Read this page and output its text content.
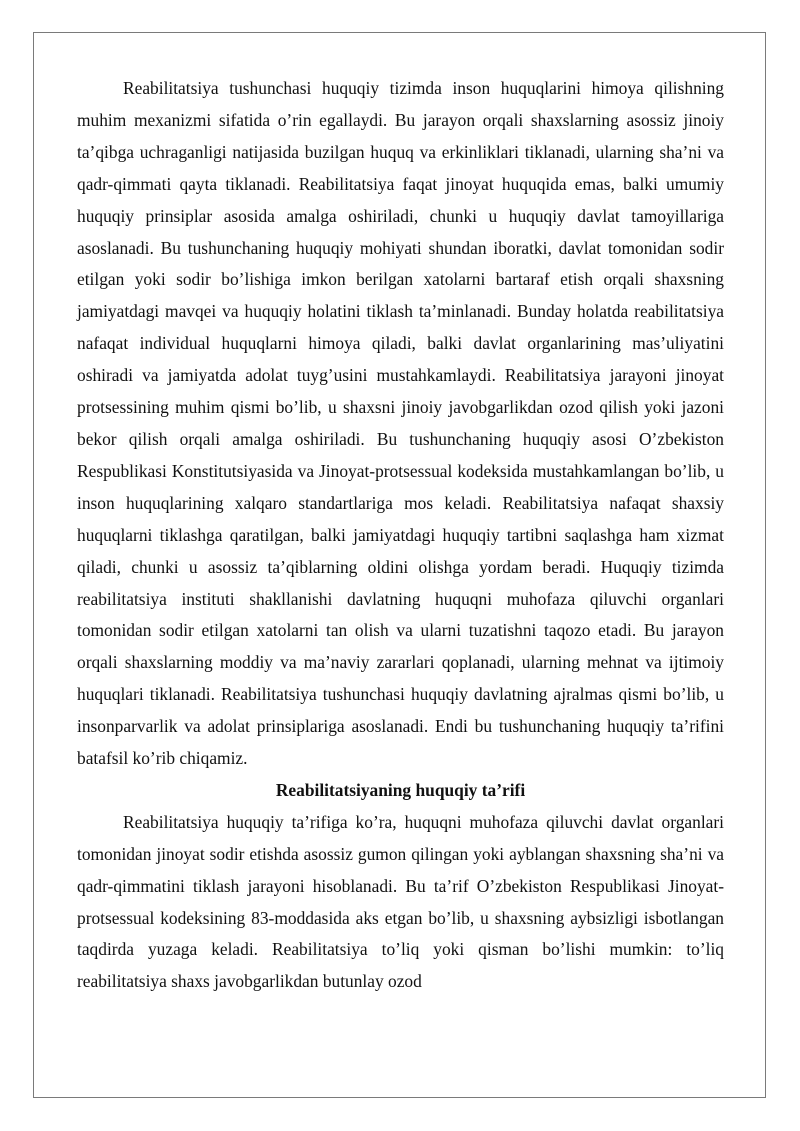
Reabilitatsiya tushunchasi huquqiy tizimda inson huquqlarini himoya qilishning muhim mexanizmi sifatida o’rin egallaydi. Bu jarayon orqali shaxslarning asossiz jinoiy ta’qibga uchraganligi natijasida buzilgan huquq va erkinliklari tiklanadi, ularning sha’ni va qadr-qimmati qayta tiklanadi. Reabilitatsiya faqat jinoyat huquqida emas, balki umumiy huquqiy prinsiplar asosida amalga oshiriladi, chunki u huquqiy davlat tamoyillariga asoslanadi. Bu tushunchaning huquqiy mohiyati shundan iboratki, davlat tomonidan sodir etilgan yoki sodir bo’lishiga imkon berilgan xatolarni bartaraf etish orqali shaxsning jamiyatdagi mavqei va huquqiy holatini tiklash ta’minlanadi. Bunday holatda reabilitatsiya nafaqat individual huquqlarni himoya qiladi, balki davlat organlarining mas’uliyatini oshiradi va jamiyatda adolat tuyg’usini mustahkamlaydi. Reabilitatsiya jarayoni jinoyat protsessining muhim qismi bo’lib, u shaxsni jinoiy javobgarlikdan ozod qilish yoki jazoni bekor qilish orqali amalga oshiriladi. Bu tushunchaning huquqiy asosi O’zbekiston Respublikasi Konstitutsiyasida va Jinoyat-protsessual kodeksida mustahkamlangan bo’lib, u inson huquqlarining xalqaro standartlariga mos keladi. Reabilitatsiya nafaqat shaxsiy huquqlarni tiklashga qaratilgan, balki jamiyatdagi huquqiy tartibni saqlashga ham xizmat qiladi, chunki u asossiz ta’qiblarning oldini olishga yordam beradi. Huquqiy tizimda reabilitatsiya instituti shakllanishi davlatning huquqni muhofaza qiluvchi organlari tomonidan sodir etilgan xatolarni tan olish va ularni tuzatishni taqozo etadi. Bu jarayon orqali shaxslarning moddiy va ma’naviy zararlari qoplanadi, ularning mehnat va ijtimoiy huquqlari tiklanadi. Reabilitatsiya tushunchasi huquqiy davlatning ajralmas qismi bo’lib, u insonparvarlik va adolat prinsiplariga asoslanadi. Endi bu tushunchaning huquqiy ta’rifini batafsil ko’rib chiqamiz.

Reabilitatsiyaning huquqiy ta’rifi

Reabilitatsiya huquqiy ta’rifiga ko’ra, huquqni muhofaza qiluvchi davlat organlari tomonidan jinoyat sodir etishda asossiz gumon qilingan yoki ayblangan shaxsning sha’ni va qadr-qimmatini tiklash jarayoni hisoblanadi. Bu ta’rif O’zbekiston Respublikasi Jinoyat-protsessual kodeksining 83-moddasida aks etgan bo’lib, u shaxsning aybsizligi isbotlangan taqdirda yuzaga keladi. Reabilitatsiya to’liq yoki qisman bo’lishi mumkin: to’liq reabilitatsiya shaxs javobgarlikdan butunlay ozod
